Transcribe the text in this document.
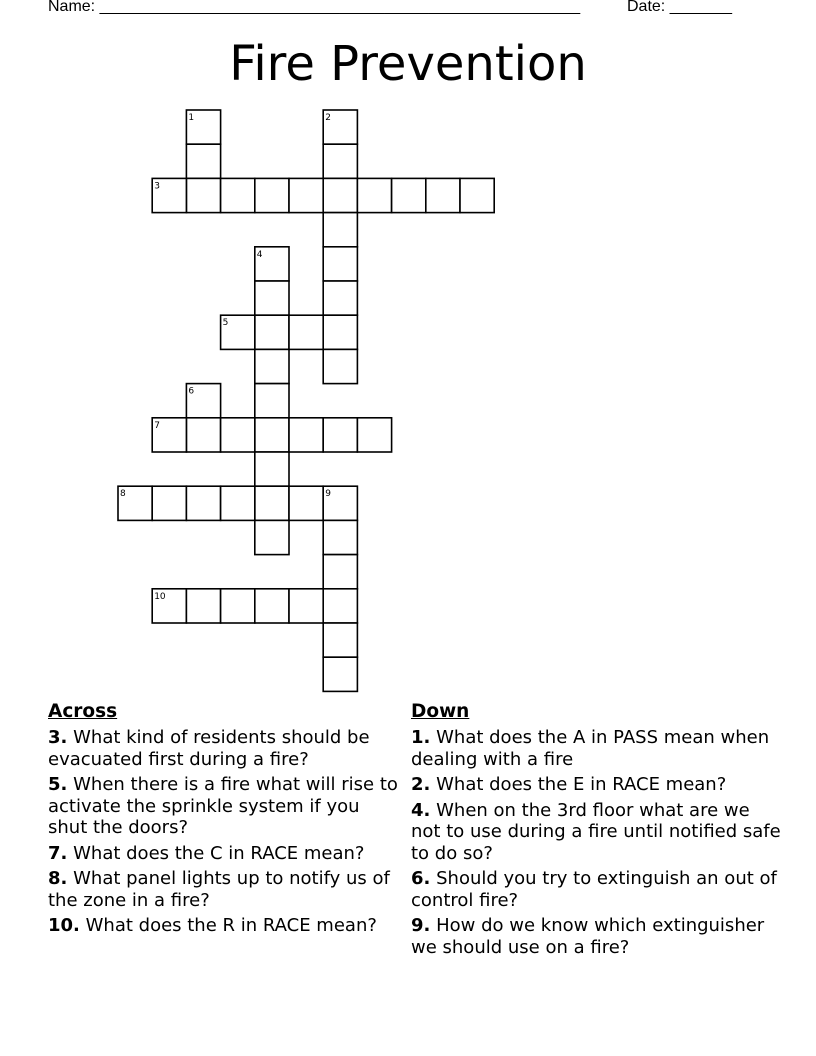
Name: ______________________________________________________	Date: _______
Fire Prevention
1	2
3
4
5
6
7
8	9
10
Across
3. What kind of residents should be evacuated first during a fire?
5. When there is a fire what will rise to activate the sprinkle system if you shut the doors?
7. What does the C in RACE mean?
8. What panel lights up to notify us of the zone in a fire?
10. What does the R in RACE mean?
Down
1. What does the A in PASS mean when dealing with a fire
2. What does the E in RACE mean?
4. When on the 3rd floor what are we not to use during a fire until notified safe to do so?
6. Should you try to extinguish an out of control fire?
9. How do we know which extinguisher we should use on a fire?
